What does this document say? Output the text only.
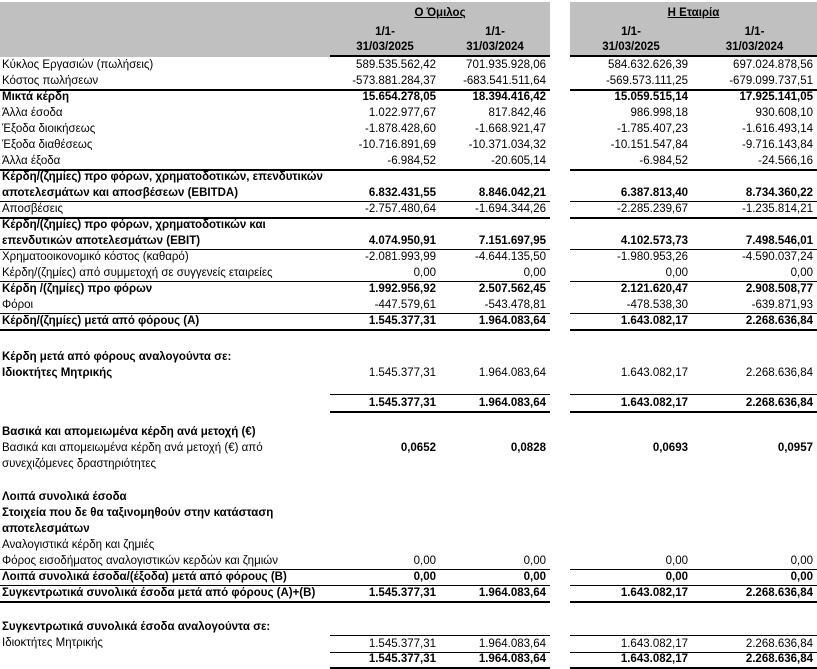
Ο Όμιλος	Η Εταιρία
1/1-	1/1-	1/1-	1/1-
31/03/2025	31/03/2024	31/03/2025	31/03/2024
Κύκλος Εργασιών (πωλήσεις)	589.535.562,42	701.935.928,06	584.632.626,39	697.024.878,56
Κόστος πωλήσεων	-573.881.284,37	-683.541.511,64	-569.573.111,25	-679.099.737,51
Μικτά κέρδη	15.654.278,05	18.394.416,42	15.059.515,14	17.925.141,05
Άλλα έσοδα	1.022.977,67	817.842,46	986.998,18	930.608,10
Έξοδα διοικήσεως	-1.878.428,60	-1.668.921,47	-1.785.407,23	-1.616.493,14
Έξοδα διαθέσεως	-10.716.891,69	-10.371.034,32	-10.151.547,84	-9.716.143,84
Άλλα έξοδα	-6.984,52	-20.605,14	-6.984,52	-24.566,16
Κέρδη/(ζημίες) προ φόρων, χρηματοδοτικών, επενδυτικών
αποτελεσμάτων και αποσβέσεων (EBITDA)	6.832.431,55	8.846.042,21	6.387.813,40	8.734.360,22
Αποσβέσεις	-2.757.480,64	-1.694.344,26	-2.285.239,67	-1.235.814,21
Κέρδη/(ζημίες) προ φόρων, χρηματοδοτικών και
επενδυτικών αποτελεσμάτων (EBIT)	4.074.950,91	7.151.697,95	4.102.573,73	7.498.546,01
Χρηματοοικονομικό κόστος (καθαρό)	-2.081.993,99	-4.644.135,50	-1.980.953,26	-4.590.037,24
Κέρδη/(ζημίες) από συμμετοχή σε συγγενείς εταιρείες	0,00	0,00	0,00	0,00
Κέρδη /(ζημίες) προ φόρων	1.992.956,92	2.507.562,45	2.121.620,47	2.908.508,77
Φόροι	-447.579,61	-543.478,81	-478.538,30	-639.871,93
Κέρδη/(ζημίες) μετά από φόρους (Α)	1.545.377,31	1.964.083,64	1.643.082,17	2.268.636,84
Κέρδη μετά από φόρους αναλογούντα σε:
Ιδιοκτήτες Μητρικής	1.545.377,31	1.964.083,64	1.643.082,17	2.268.636,84
1.545.377,31	1.964.083,64	1.643.082,17	2.268.636,84
Βασικά και απομειωμένα κέρδη ανά μετοχή (€)
Βασικά και απομειωμένα κέρδη ανά μετοχή (€) από	0,0652	0,0828	0,0693	0,0957
συνεχιζόμενες δραστηριότητες
Λοιπά συνολικά έσοδα
Στοιχεία που δε θα ταξινομηθούν στην κατάσταση
αποτελεσμάτων
Αναλογιστικά κέρδη και ζημιές
Φόρος εισοδήματος αναλογιστικών κερδών και ζημιών	0,00	0,00	0,00	0,00
Λοιπά συνολικά έσοδα/(έξοδα) μετά από φόρους (Β)	0,00	0,00	0,00	0,00
Συγκεντρωτικά συνολικά έσοδα μετά από φόρους (Α)+(Β)	1.545.377,31	1.964.083,64	1.643.082,17	2.268.636,84
Συγκεντρωτικά συνολικά έσοδα αναλογούντα σε:
Ιδιοκτήτες Μητρικής	1.545.377,31	1.964.083,64	1.643.082,17	2.268.636,84
1.545.377,31	1.964.083,64	1.643.082,17	2.268.636,84
